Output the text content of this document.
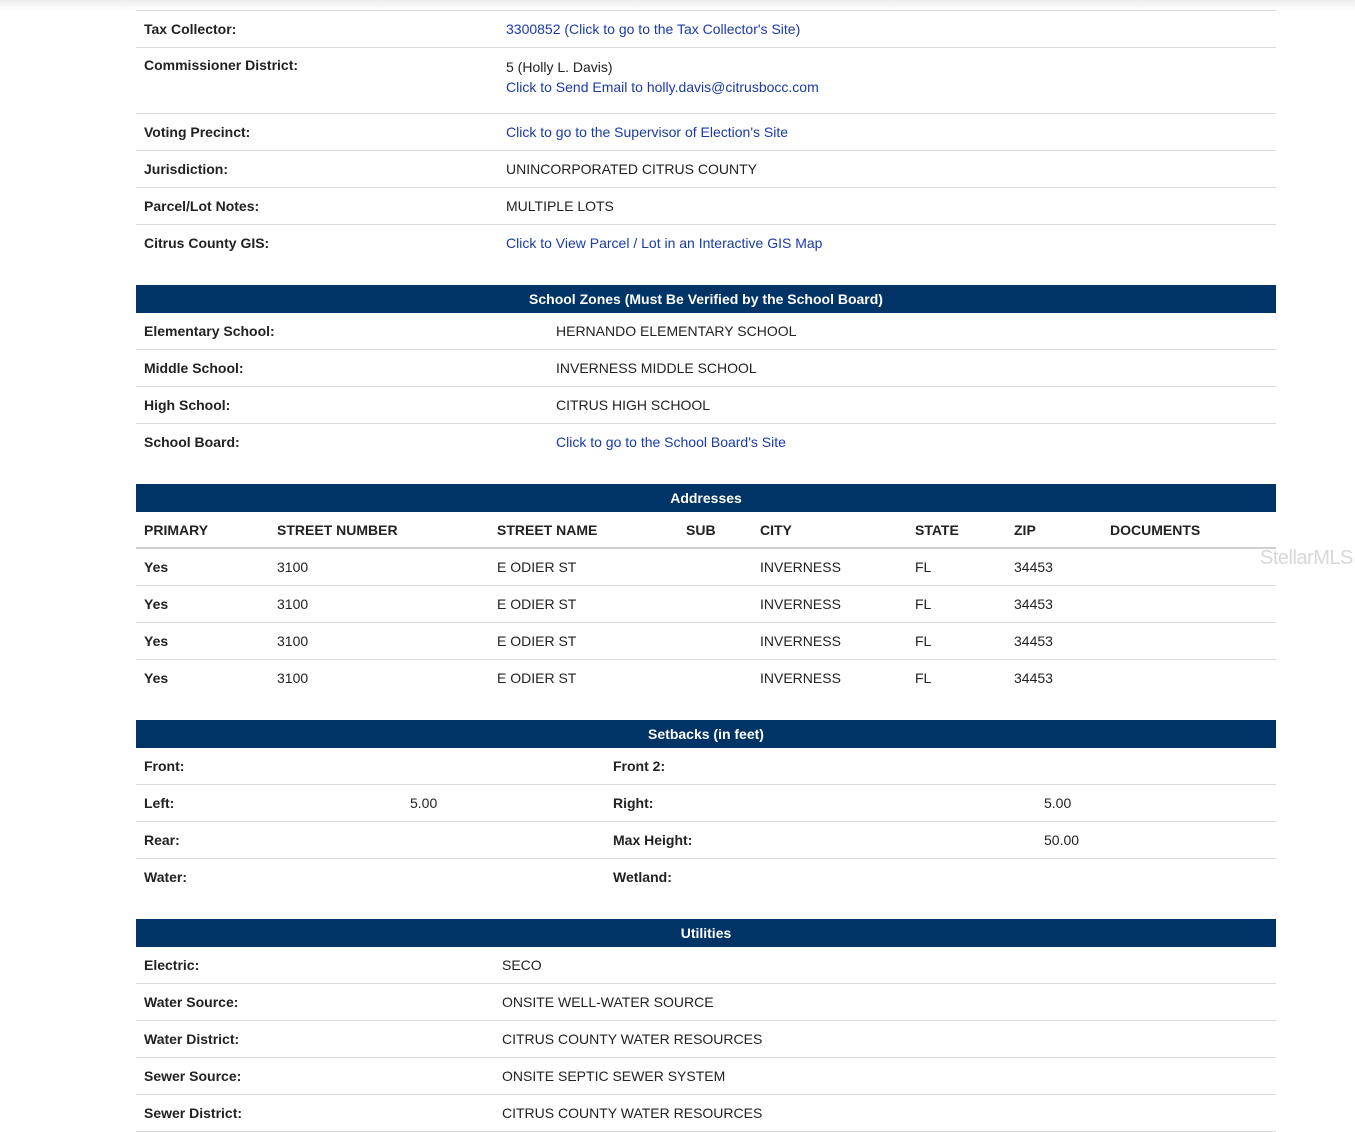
Tax Collector:	3300852 (Click to go to the Tax Collector's Site)
Commissioner District:	5 (Holly L. Davis)
Click to Send Email to holly.davis@citrusbocc.com
Voting Precinct:	Click to go to the Supervisor of Election's Site
Jurisdiction:	UNINCORPORATED CITRUS COUNTY
Parcel/Lot Notes:	MULTIPLE LOTS
Citrus County GIS:	Click to View Parcel / Lot in an Interactive GIS Map
School Zones (Must Be Verified by the School Board)
Elementary School:	HERNANDO ELEMENTARY SCHOOL
Middle School:	INVERNESS MIDDLE SCHOOL
High School:	CITRUS HIGH SCHOOL
School Board:	Click to go to the School Board's Site
Addresses
PRIMARY	STREET NUMBER	STREET NAME	SUB	CITY	STATE	ZIP	DOCUMENTS
Yes	3100	E ODIER ST		INVERNESS	FL	34453	
Yes	3100	E ODIER ST		INVERNESS	FL	34453	
Yes	3100	E ODIER ST		INVERNESS	FL	34453	
Yes	3100	E ODIER ST		INVERNESS	FL	34453	
Setbacks (in feet)
Front:		Front 2:	
Left:	5.00	Right:	5.00
Rear:		Max Height:	50.00
Water:		Wetland:	
Utilities
Electric:	SECO
Water Source:	ONSITE WELL-WATER SOURCE
Water District:	CITRUS COUNTY WATER RESOURCES
Sewer Source:	ONSITE SEPTIC SEWER SYSTEM
Sewer District:	CITRUS COUNTY WATER RESOURCES
StellarMLS
